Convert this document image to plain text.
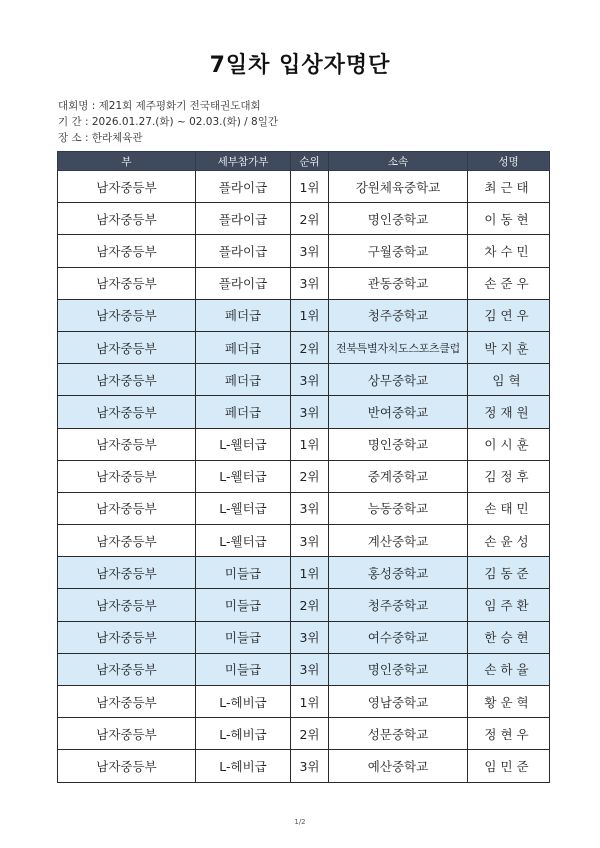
7일차 입상자명단
대회명 : 제21회 제주평화기 전국태권도대회
기 간 : 2026.01.27.(화) ~ 02.03.(화) / 8일간
장 소 : 한라체육관
부	세부참가부	순위	소속	성명
남자중등부	플라이급	1위	강원체육중학교	최근태
남자중등부	플라이급	2위	명인중학교	이동현
남자중등부	플라이급	3위	구월중학교	차수민
남자중등부	플라이급	3위	관동중학교	손준우
남자중등부	페더급	1위	청주중학교	김연우
남자중등부	페더급	2위	전북특별자치도스포츠클럽	박지훈
남자중등부	페더급	3위	상무중학교	임혁
남자중등부	페더급	3위	반여중학교	정재원
남자중등부	L-웰터급	1위	명인중학교	이시훈
남자중등부	L-웰터급	2위	중계중학교	김정후
남자중등부	L-웰터급	3위	능동중학교	손태민
남자중등부	L-웰터급	3위	계산중학교	손윤성
남자중등부	미들급	1위	홍성중학교	김동준
남자중등부	미들급	2위	청주중학교	임주환
남자중등부	미들급	3위	여수중학교	한승현
남자중등부	미들급	3위	명인중학교	손하율
남자중등부	L-헤비급	1위	영남중학교	황운혁
남자중등부	L-헤비급	2위	성문중학교	정현우
남자중등부	L-헤비급	3위	예산중학교	임민준
1/2
